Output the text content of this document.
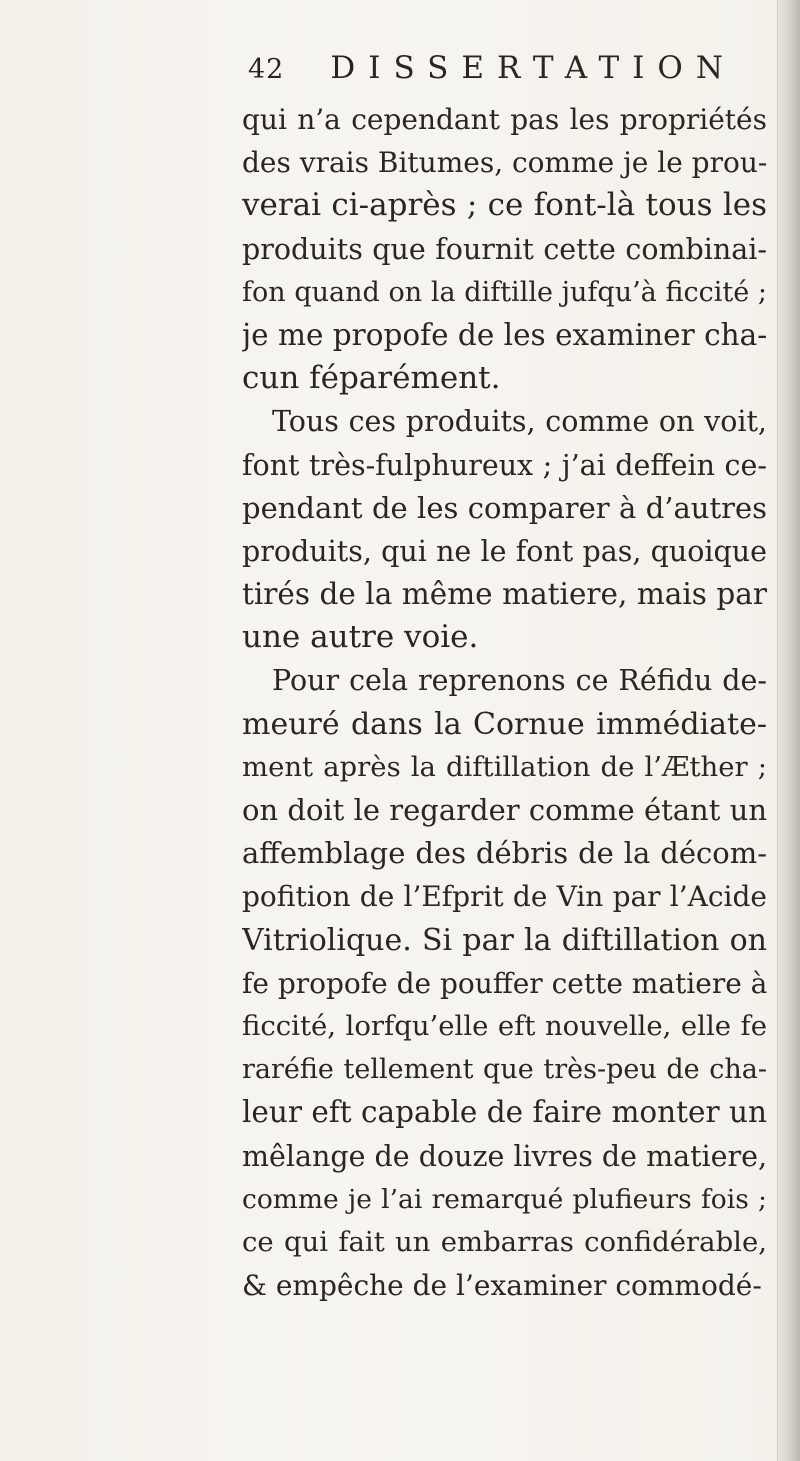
42 DISSERTATION
qui n’a cependant pas les propriétés
des vrais Bitumes, comme je le prou-
verai ci-après ; ce font-là tous les
produits que fournit cette combinai-
fon quand on la diftille jufqu’à ficcité ;
je me propofe de les examiner cha-
cun féparément.
Tous ces produits, comme on voit,
font très-fulphureux ; j’ai deffein ce-
pendant de les comparer à d’autres
produits, qui ne le font pas, quoique
tirés de la même matiere, mais par
une autre voie.
Pour cela reprenons ce Réfidu de-
meuré dans la Cornue immédiate-
ment après la diftillation de l’Æther ;
on doit le regarder comme étant un
affemblage des débris de la décom-
pofition de l’Efprit de Vin par l’Acide
Vitriolique. Si par la diftillation on
fe propofe de pouffer cette matiere à
ficcité, lorfqu’elle eft nouvelle, elle fe
raréfie tellement que très-peu de cha-
leur eft capable de faire monter un
mêlange de douze livres de matiere,
comme je l’ai remarqué plufieurs fois ;
ce qui fait un embarras confidérable,
& empêche de l’examiner commodé-
